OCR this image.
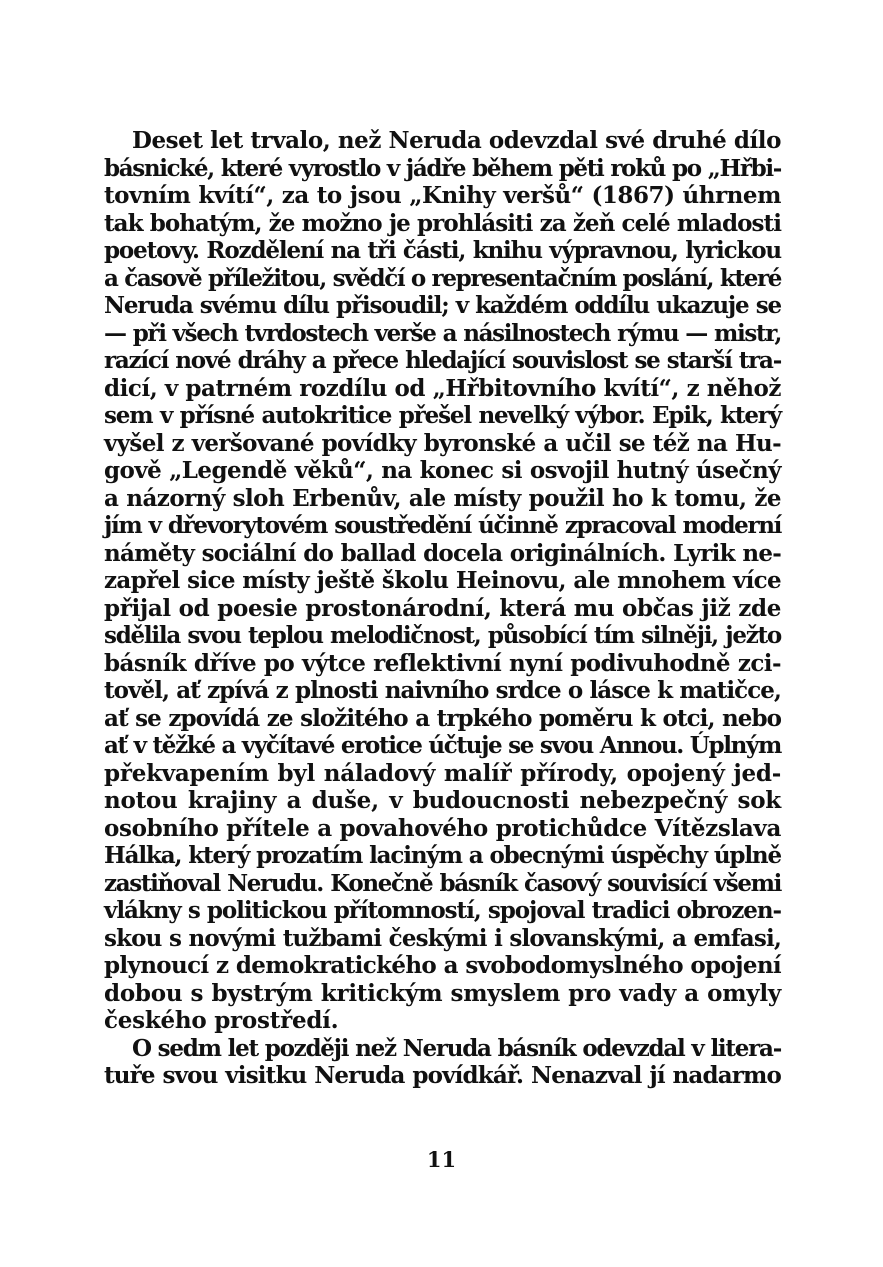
Deset let trvalo, než Neruda odevzdal své druhé dílo
básnické, které vyrostlo v jádře během pěti roků po „Hřbi-
tovním kvítí“, za to jsou „Knihy veršů“ (1867) úhrnem
tak bohatým, že možno je prohlásiti za žeň celé mladosti
poetovy. Rozdělení na tři části, knihu výpravnou, lyrickou
a časově příležitou, svědčí o representačním poslání, které
Neruda svému dílu přisoudil; v každém oddílu ukazuje se
— při všech tvrdostech verše a násilnostech rýmu — mistr,
razící nové dráhy a přece hledající souvislost se starší tra-
dicí, v patrném rozdílu od „Hřbitovního kvítí“, z něhož
sem v přísné autokritice přešel nevelký výbor. Epik, který
vyšel z veršované povídky byronské a učil se též na Hu-
gově „Legendě věků“, na konec si osvojil hutný úsečný
a názorný sloh Erbenův, ale místy použil ho k tomu, že
jím v dřevorytovém soustředění účinně zpracoval moderní
náměty sociální do ballad docela originálních. Lyrik ne-
zapřel sice místy ještě školu Heinovu, ale mnohem více
přijal od poesie prostonárodní, která mu občas již zde
sdělila svou teplou melodičnost, působící tím silněji, ježto
básník dříve po výtce reflektivní nyní podivuhodně zci-
tověl, ať zpívá z plnosti naivního srdce o lásce k matičce,
ať se zpovídá ze složitého a trpkého poměru k otci, nebo
ať v těžké a vyčítavé erotice účtuje se svou Annou. Úplným
překvapením byl náladový malíř přírody, opojený jed-
notou krajiny a duše, v budoucnosti nebezpečný sok
osobního přítele a povahového protichůdce Vítězslava
Hálka, který prozatím laciným a obecnými úspěchy úplně
zastiňoval Nerudu. Konečně básník časový souvisící všemi
vlákny s politickou přítomností, spojoval tradici obrozen-
skou s novými tužbami českými i slovanskými, a emfasi,
plynoucí z demokratického a svobodomyslného opojení
dobou s bystrým kritickým smyslem pro vady a omyly
českého prostředí.
O sedm let později než Neruda básník odevzdal v litera-
tuře svou visitku Neruda povídkář. Nenazval jí nadarmo
11
